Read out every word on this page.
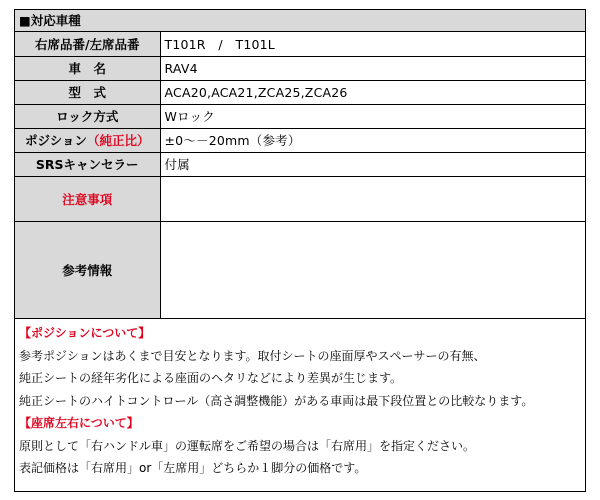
■対応車種
右席品番/左席品番	T101R　/　T101L
車　名	RAV4
型　式	ACA20,ACA21,ZCA25,ZCA26
ロック方式	Wロック
ポジション（純正比）	±0〜－20mm（参考）
SRSキャンセラー	付属
注意事項	
参考情報	
【ポジションについて】
参考ポジションはあくまで目安となります。取付シートの座面厚やスペーサーの有無、
純正シートの経年劣化による座面のヘタリなどにより差異が生じます。
純正シートのハイトコントロール（高さ調整機能）がある車両は最下段位置との比較なります。
【座席左右について】
原則として「右ハンドル車」の運転席をご希望の場合は「右席用」を指定ください。
表記価格は「右席用」or「左席用」どちらか１脚分の価格です。
